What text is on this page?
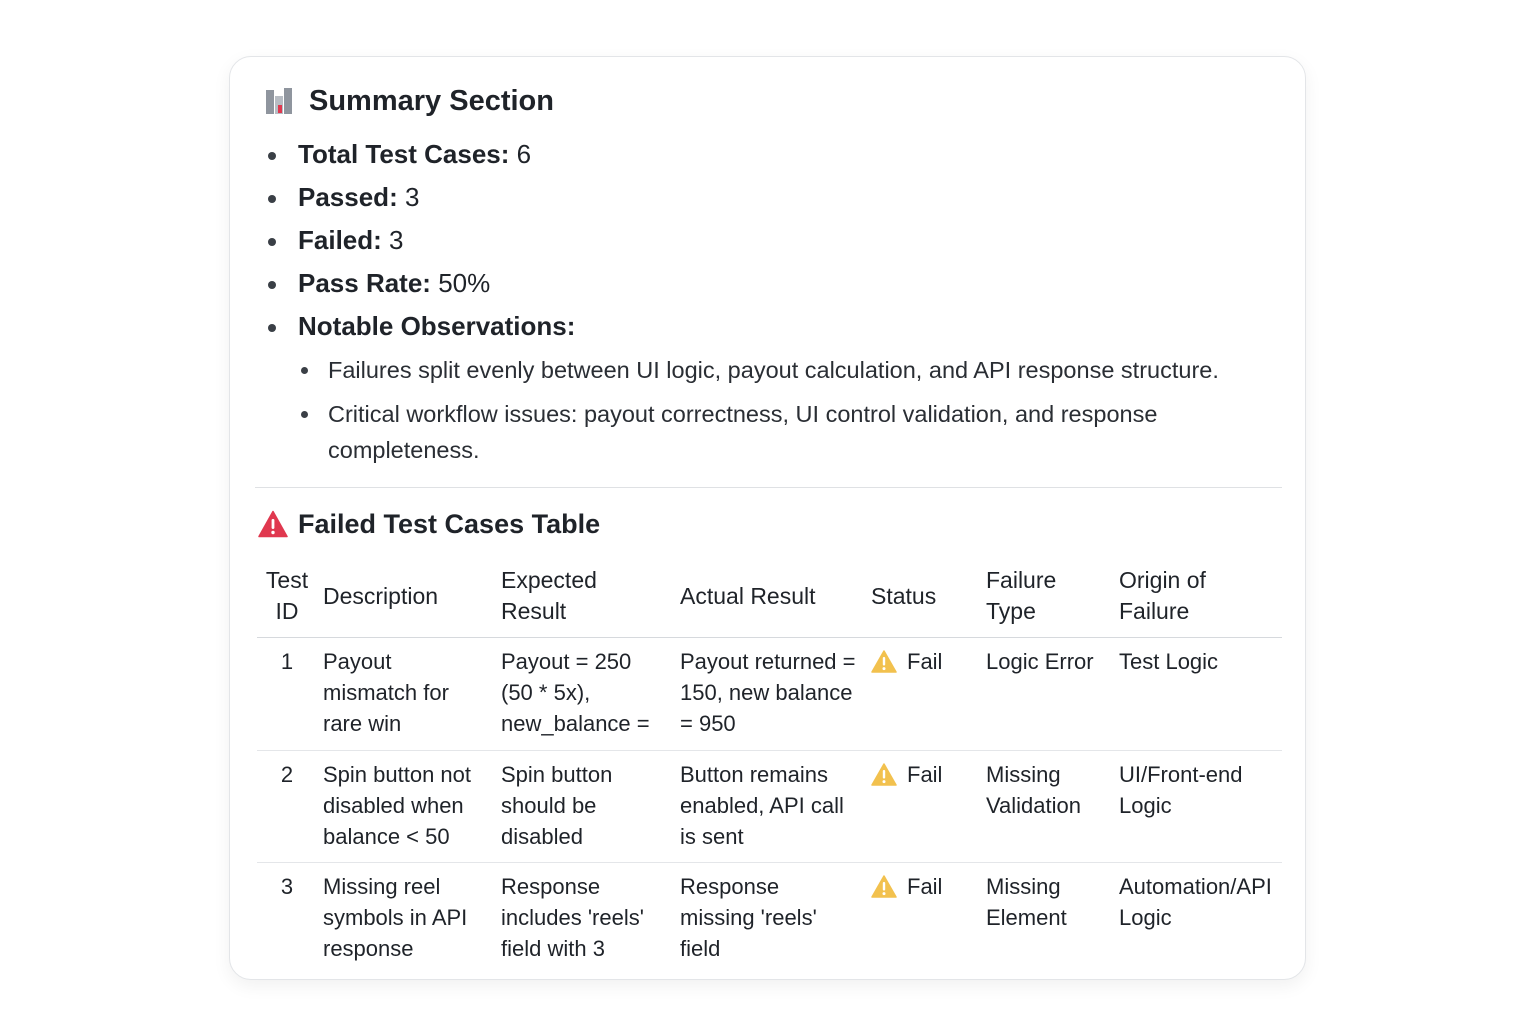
Summary Section
Total Test Cases: 6
Passed: 3
Failed: 3
Pass Rate: 50%
Notable Observations:
Failures split evenly between UI logic, payout calculation, and API response structure.
Critical workflow issues: payout correctness, UI control validation, and response completeness.
Failed Test Cases Table
Test ID	Description	Expected Result	Actual Result	Status	Failure Type	Origin of Failure
1	Payout mismatch for rare win	Payout = 250 (50 * 5x), new_balance =	Payout returned = 150, new balance = 950	Fail	Logic Error	Test Logic
2	Spin button not disabled when balance < 50	Spin button should be disabled	Button remains enabled, API call is sent	Fail	Missing Validation	UI/Front-end Logic
3	Missing reel symbols in API response	Response includes 'reels' field with 3	Response missing 'reels' field	Fail	Missing Element	Automation/API Logic
